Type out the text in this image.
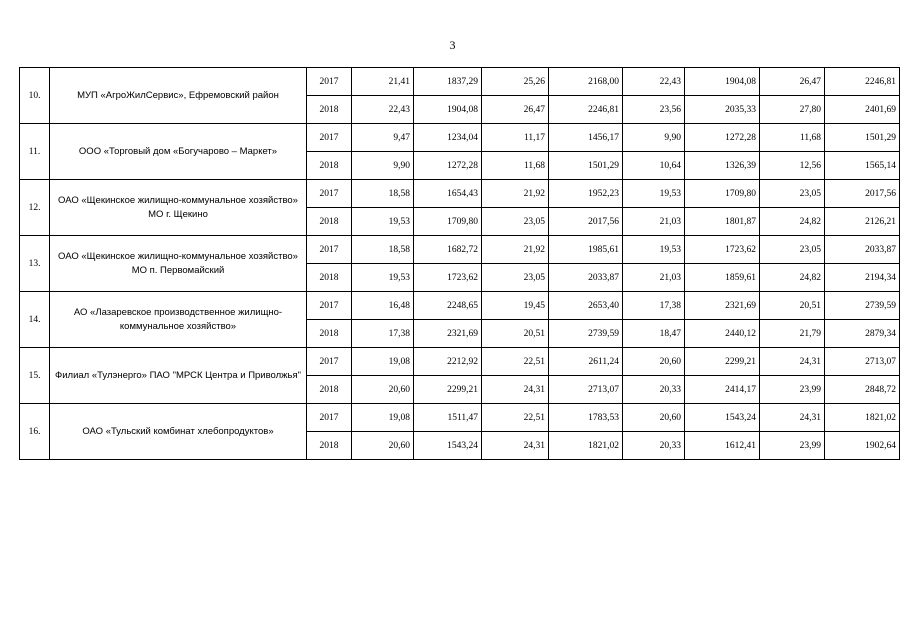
3
10.	МУП «АгроЖилСервис», Ефремовский район	2017	21,41	1837,29	25,26	2168,00	22,43	1904,08	26,47	2246,81
		2018	22,43	1904,08	26,47	2246,81	23,56	2035,33	27,80	2401,69
11.	ООО «Торговый дом «Богучарово – Маркет»	2017	9,47	1234,04	11,17	1456,17	9,90	1272,28	11,68	1501,29
		2018	9,90	1272,28	11,68	1501,29	10,64	1326,39	12,56	1565,14
12.	ОАО «Щекинское жилищно-коммунальное хозяйство» МО г. Щекино	2017	18,58	1654,43	21,92	1952,23	19,53	1709,80	23,05	2017,56
		2018	19,53	1709,80	23,05	2017,56	21,03	1801,87	24,82	2126,21
13.	ОАО «Щекинское жилищно-коммунальное хозяйство» МО п. Первомайский	2017	18,58	1682,72	21,92	1985,61	19,53	1723,62	23,05	2033,87
		2018	19,53	1723,62	23,05	2033,87	21,03	1859,61	24,82	2194,34
14.	АО «Лазаревское производственное жилищно-коммунальное хозяйство»	2017	16,48	2248,65	19,45	2653,40	17,38	2321,69	20,51	2739,59
		2018	17,38	2321,69	20,51	2739,59	18,47	2440,12	21,79	2879,34
15.	Филиал «Тулэнерго» ПАО "МРСК Центра и Приволжья"	2017	19,08	2212,92	22,51	2611,24	20,60	2299,21	24,31	2713,07
		2018	20,60	2299,21	24,31	2713,07	20,33	2414,17	23,99	2848,72
16.	ОАО «Тульский комбинат хлебопродуктов»	2017	19,08	1511,47	22,51	1783,53	20,60	1543,24	24,31	1821,02
		2018	20,60	1543,24	24,31	1821,02	20,33	1612,41	23,99	1902,64
